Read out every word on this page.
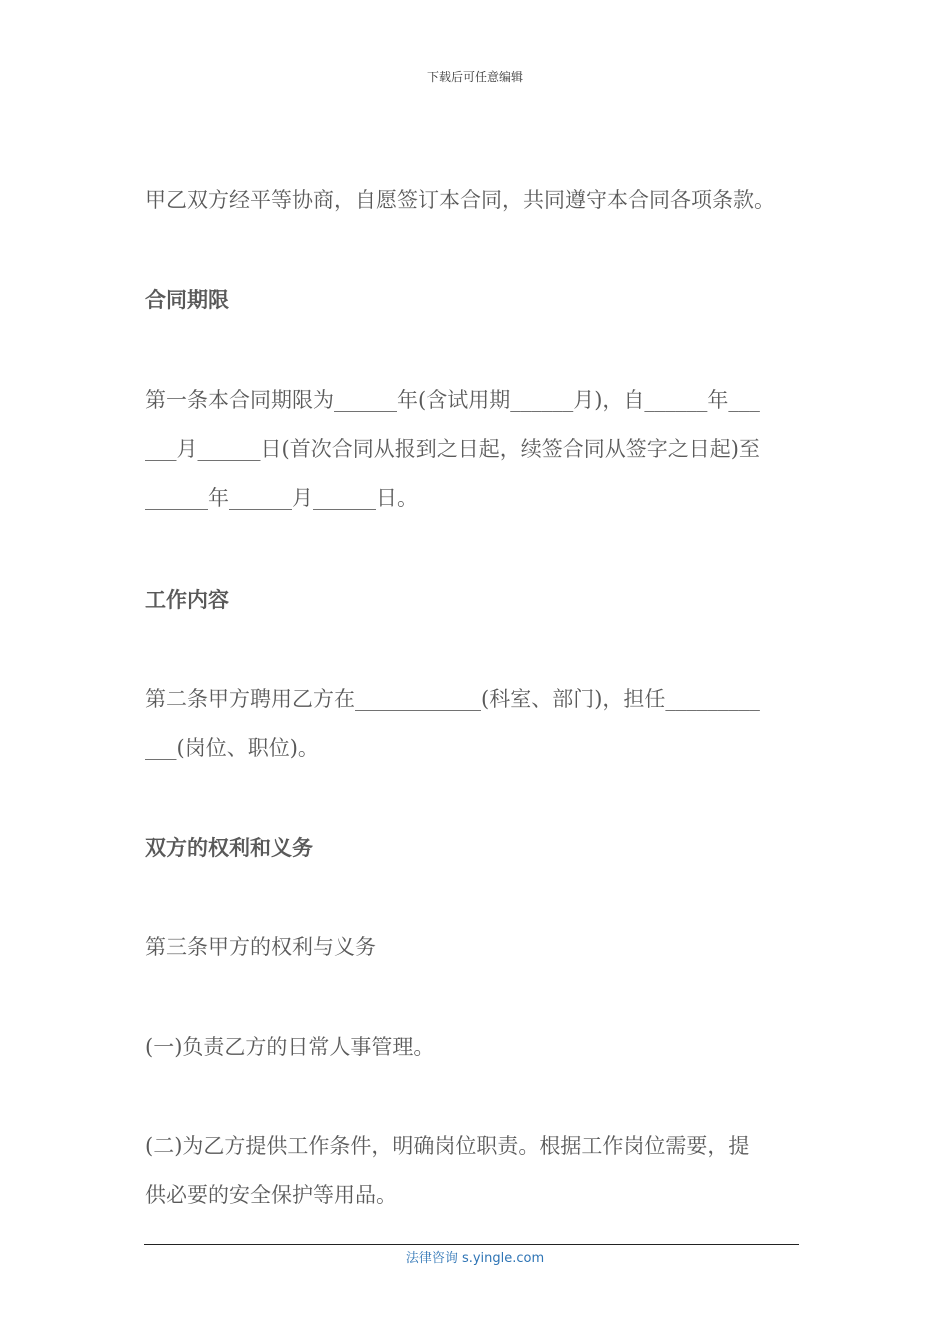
下载后可任意编辑
甲乙双方经平等协商，自愿签订本合同，共同遵守本合同各项条款。
合同期限
第一条本合同期限为______年(含试用期______月)，自______年___
___月______日(首次合同从报到之日起，续签合同从签字之日起)至
______年______月______日。
工作内容
第二条甲方聘用乙方在____________(科室、部门)，担任_________
___(岗位、职位)。
双方的权利和义务
第三条甲方的权利与义务
(一)负责乙方的日常人事管理。
(二)为乙方提供工作条件，明确岗位职责。根据工作岗位需要，提
供必要的安全保护等用品。
法律咨询 s.yingle.com
